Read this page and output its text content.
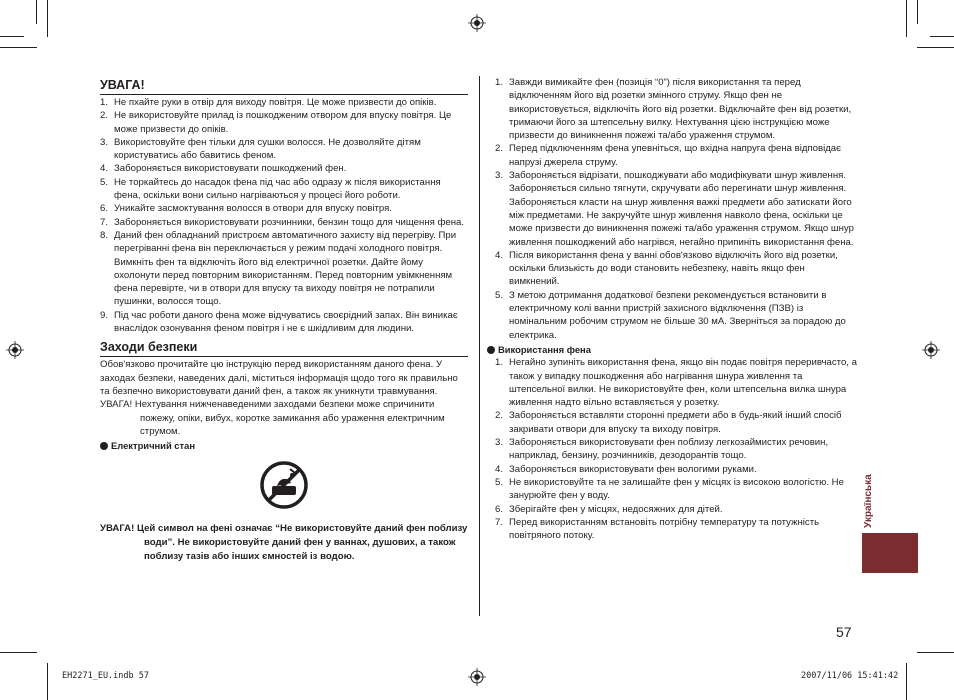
УВАГА!
1. Не пхайте руки в отвір для виходу повітря. Це може призвести до опіків.
2. Не використовуйте прилад із пошкодженим отвором для впуску повітря. Це може призвести до опіків.
3. Використовуйте фен тільки для сушки волосся. Не дозволяйте дітям користуватись або бавитись феном.
4. Забороняється використовувати пошкоджений фен.
5. Не торкайтесь до насадок фена під час або одразу ж після використання фена, оскільки вони сильно нагріваються у процесі його роботи.
6. Уникайте засмоктування волосся в отвори для впуску повітря.
7. Забороняється використовувати розчинники, бензин тощо для чищення фена.
8. Даний фен обладнаний пристроєм автоматичного захисту від перегріву. При перегріванні фена він переключається у режим подачі холодного повітря. Вимкніть фен та відключіть його від електричної розетки. Дайте йому охолонути перед повторним використанням. Перед повторним увімкненням фена перевірте, чи в отвори для впуску та виходу повітря не потрапили пушинки, волосся тощо.
9. Під час роботи даного фена може відчуватись своєрідний запах. Він виникає внаслідок озонування феном повітря і не є шкідливим для людини.
Заходи безпеки

Обов'язково прочитайте цю інструкцію перед використанням даного фена. У заходах безпеки, наведених далі, міститься інформація щодо того як правильно та безпечно використовувати даний фен, а також як уникнути травмування.

УВАГА! Нехтування нижченаведеними заходами безпеки може спричинити пожежу, опіки, вибух, коротке замикання або ураження електричним струмом.

Електричний стан

УВАГА! Цей символ на фені означає “Не використовуйте даний фен поблизу води”. Не використовуйте даний фен у ваннах, душових, а також поблизу тазів або інших ємностей із водою.

1. Завжди вимикайте фен (позиція “0”) після використання та перед відключенням його від розетки змінного струму. Якщо фен не використовується, відключіть його від розетки. Відключайте фен від розетки, тримаючи його за штепсельну вилку. Нехтування цією інструкцією може призвести до виникнення пожежі та/або ураження струмом.
2. Перед підключенням фена упевніться, що вхідна напруга фена відповідає напрузі джерела струму.
3. Забороняється відрізати, пошкоджувати або модифікувати шнур живлення. Забороняється сильно тягнути, скручувати або перегинати шнур живлення. Забороняється класти на шнур живлення важкі предмети або затискати його між предметами. Не закручуйте шнур живлення навколо фена, оскільки це може призвести до виникнення пожежі та/або ураження струмом. Якщо шнур живлення пошкоджений або нагрівся, негайно припиніть використання фена.
4. Після використання фена у ванні обов'язково відключіть його від розетки, оскільки близькість до води становить небезпеку, навіть якщо фен вимкнений.
5. З метою дотримання додаткової безпеки рекомендується встановити в електричному колі ванни пристрій захисного відключення (ПЗВ) із номінальним робочим струмом не більше 30 мА. Зверніться за порадою до електрика.

Використання фена

1. Негайно зупиніть використання фена, якщо він подає повітря переривчасто, а також у випадку пошкодження або нагрівання шнура живлення та штепсельної вилки. Не використовуйте фен, коли штепсельна вилка шнура живлення надто вільно вставляється у розетку.
2. Забороняється вставляти сторонні предмети або в будь-який інший спосіб закривати отвори для впуску та виходу повітря.
3. Забороняється використовувати фен поблизу легкозаймистих речовин, наприклад, бензину, розчинників, дезодорантів тощо.
4. Забороняється використовувати фен вологими руками.
5. Не використовуйте та не залишайте фен у місцях із високою вологістю. Не занурюйте фен у воду.
6. Зберігайте фен у місцях, недосяжних для дітей.
7. Перед використанням встановіть потрібну температуру та потужність повітряного потоку.
Українська
57
EH2271_EU.indb 57	2007/11/06 15:41:42
